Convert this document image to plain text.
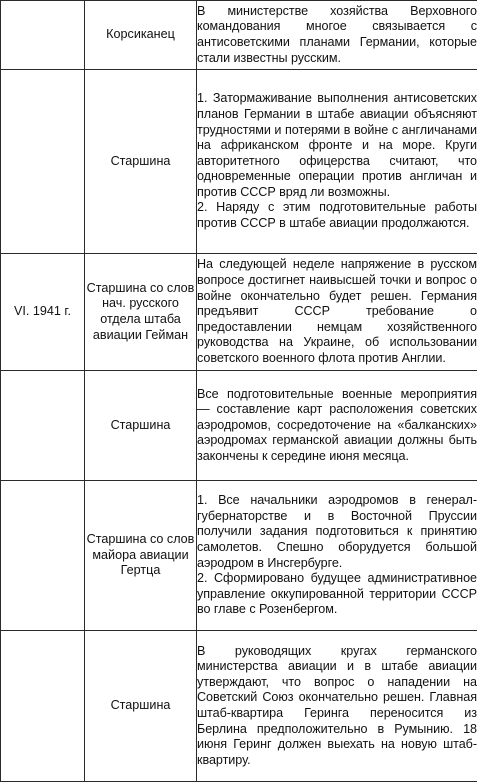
	Корсиканец	В министерстве хозяйства Верховного командования многое связывается с антисоветскими планами Германии, которые стали известны русским.

	Старшина	1. Затормаживание выполнения антисоветских планов Германии в штабе авиации объясняют трудностями и потерями в войне с англичанами на африканском фронте и на море. Круги авторитетного офицерства считают, что одновременные операции против англичан и против СССР вряд ли возможны.

2. Наряду с этим подготовительные работы против СССР в штабе авиации продолжаются.

VI. 1941 г.	Старшина со слов нач. русского отдела штаба авиации Гейман	На следующей неделе напряжение в русском вопросе достигнет наивысшей точки и вопрос о войне окончательно будет решен. Германия предъявит СССР требование о предоставлении немцам хозяйственного руководства на Украине, об использовании советского военного флота против Англии.

	Старшина	Все подготовительные военные мероприятия — составление карт расположения советских аэродромов, сосредоточение на «балканских» аэродромах германской авиации должны быть закончены к середине июня месяца.

	Старшина со слов майора авиации Гертца	1. Все начальники аэродромов в генерал-губернаторстве и в Восточной Пруссии получили задания подготовиться к принятию самолетов. Спешно оборудуется большой аэродром в Инсгербурге.

2. Сформировано будущее административное управление оккупированной территории СССР во главе с Розенбергом.

	Старшина	В руководящих кругах германского министерства авиации и в штабе авиации утверждают, что вопрос о нападении на Советский Союз окончательно решен. Главная штаб-квартира Геринга переносится из Берлина предположительно в Румынию. 18 июня Геринг должен выехать на новую штаб-квартиру.
